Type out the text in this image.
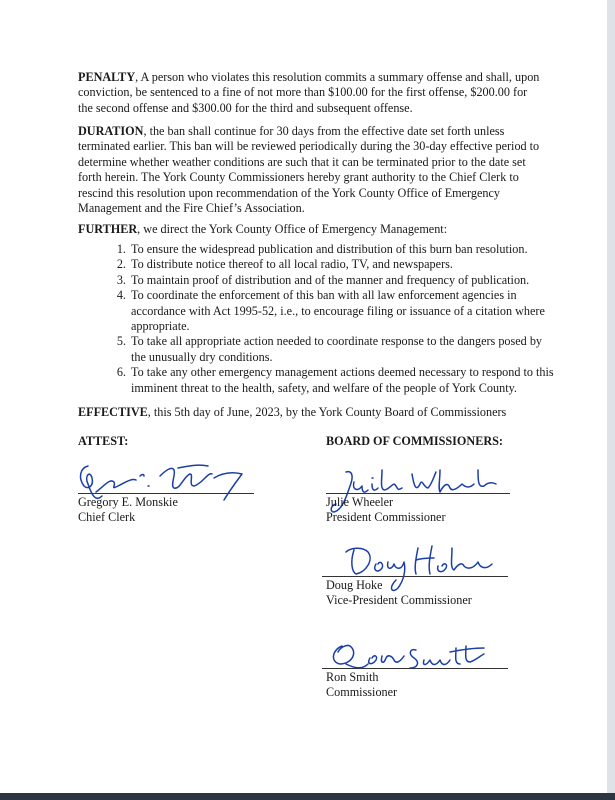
PENALTY, A person who violates this resolution commits a summary offense and shall, upon conviction, be sentenced to a fine of not more than $100.00 for the first offense, $200.00 for the second offense and $300.00 for the third and subsequent offense.

DURATION, the ban shall continue for 30 days from the effective date set forth unless terminated earlier. This ban will be reviewed periodically during the 30-day effective period to determine whether weather conditions are such that it can be terminated prior to the date set forth herein. The York County Commissioners hereby grant authority to the Chief Clerk to rescind this resolution upon recommendation of the York County Office of Emergency Management and the Fire Chief’s Association.

FURTHER, we direct the York County Office of Emergency Management:

1. To ensure the widespread publication and distribution of this burn ban resolution.
2. To distribute notice thereof to all local radio, TV, and newspapers.
3. To maintain proof of distribution and of the manner and frequency of publication.
4. To coordinate the enforcement of this ban with all law enforcement agencies in accordance with Act 1995-52, i.e., to encourage filing or issuance of a citation where appropriate.
5. To take all appropriate action needed to coordinate response to the dangers posed by the unusually dry conditions.
6. To take any other emergency management actions deemed necessary to respond to this imminent threat to the health, safety, and welfare of the people of York County.

EFFECTIVE, this 5th day of June, 2023, by the York County Board of Commissioners

ATTEST:	BOARD OF COMMISSIONERS:
Gregory E. Monskie
Chief Clerk
Julie Wheeler
President Commissioner
Doug Hoke
Vice-President Commissioner
Ron Smith
Commissioner
